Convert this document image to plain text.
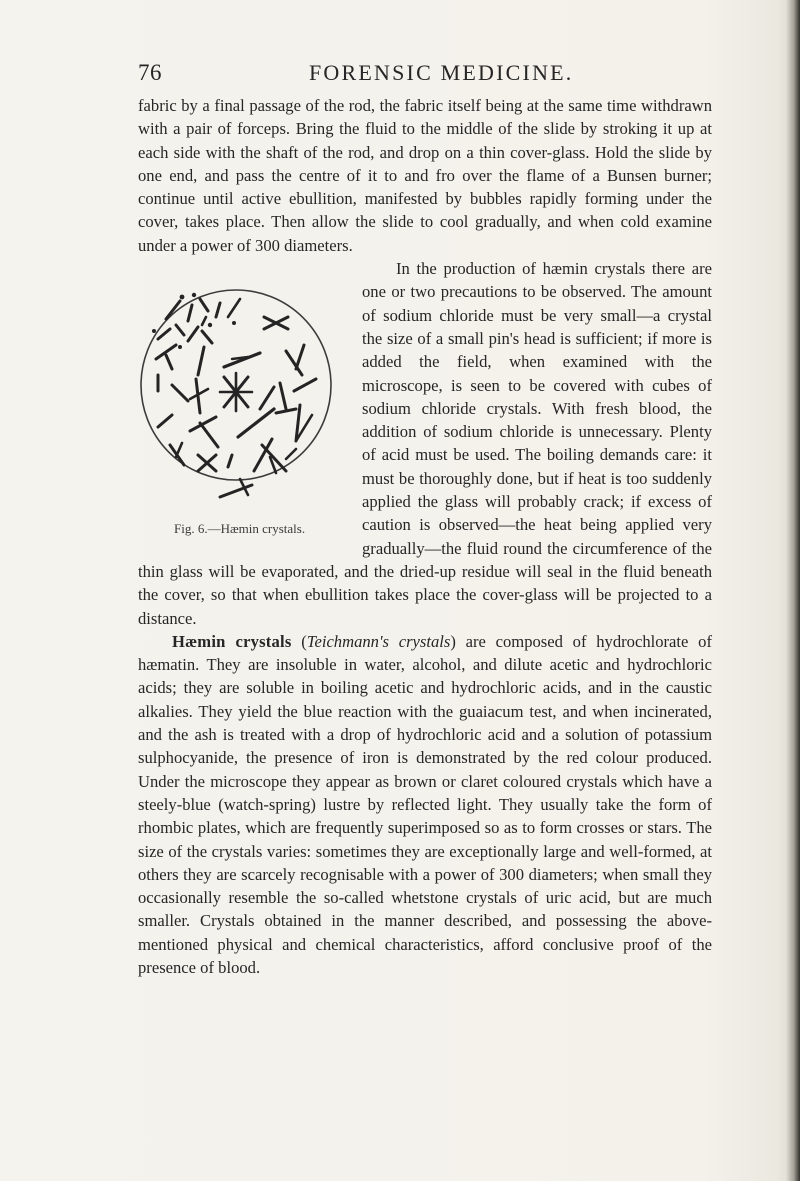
76	FORENSIC MEDICINE.

fabric by a final passage of the rod, the fabric itself being at the same time withdrawn with a pair of forceps. Bring the fluid to the middle of the slide by stroking it up at each side with the shaft of the rod, and drop on a thin cover-glass. Hold the slide by one end, and pass the centre of it to and fro over the flame of a Bunsen burner; continue until active ebullition, manifested by bubbles rapidly forming under the cover, takes place. Then allow the slide to cool gradually, and when cold examine under a power of 300 diameters.

Fig. 6.—Hæmin crystals.
In the production of hæmin crystals there are one or two precautions to be observed. The amount of sodium chloride must be very small—a crystal the size of a small pin's head is sufficient; if more is added the field, when examined with the microscope, is seen to be covered with cubes of sodium chloride crystals. With fresh blood, the addition of sodium chloride is unnecessary. Plenty of acid must be used. The boiling demands care: it must be thoroughly done, but if heat is too suddenly applied the glass will probably crack; if excess of caution is observed—the heat being applied very gradually—the fluid round the circumference of the thin glass will be evaporated, and the dried-up residue will seal in the fluid beneath the cover, so that when ebullition takes place the cover-glass will be projected to a distance.

Hæmin crystals (Teichmann's crystals) are composed of hydrochlorate of hæmatin. They are insoluble in water, alcohol, and dilute acetic and hydrochloric acids; they are soluble in boiling acetic and hydrochloric acids, and in the caustic alkalies. They yield the blue reaction with the guaiacum test, and when incinerated, and the ash is treated with a drop of hydrochloric acid and a solution of potassium sulphocyanide, the presence of iron is demonstrated by the red colour produced. Under the microscope they appear as brown or claret coloured crystals which have a steely-blue (watch-spring) lustre by reflected light. They usually take the form of rhombic plates, which are frequently superimposed so as to form crosses or stars. The size of the crystals varies: sometimes they are exceptionally large and well-formed, at others they are scarcely recognisable with a power of 300 diameters; when small they occasionally resemble the so-called whetstone crystals of uric acid, but are much smaller. Crystals obtained in the manner described, and possessing the above-mentioned physical and chemical characteristics, afford conclusive proof of the presence of blood.
